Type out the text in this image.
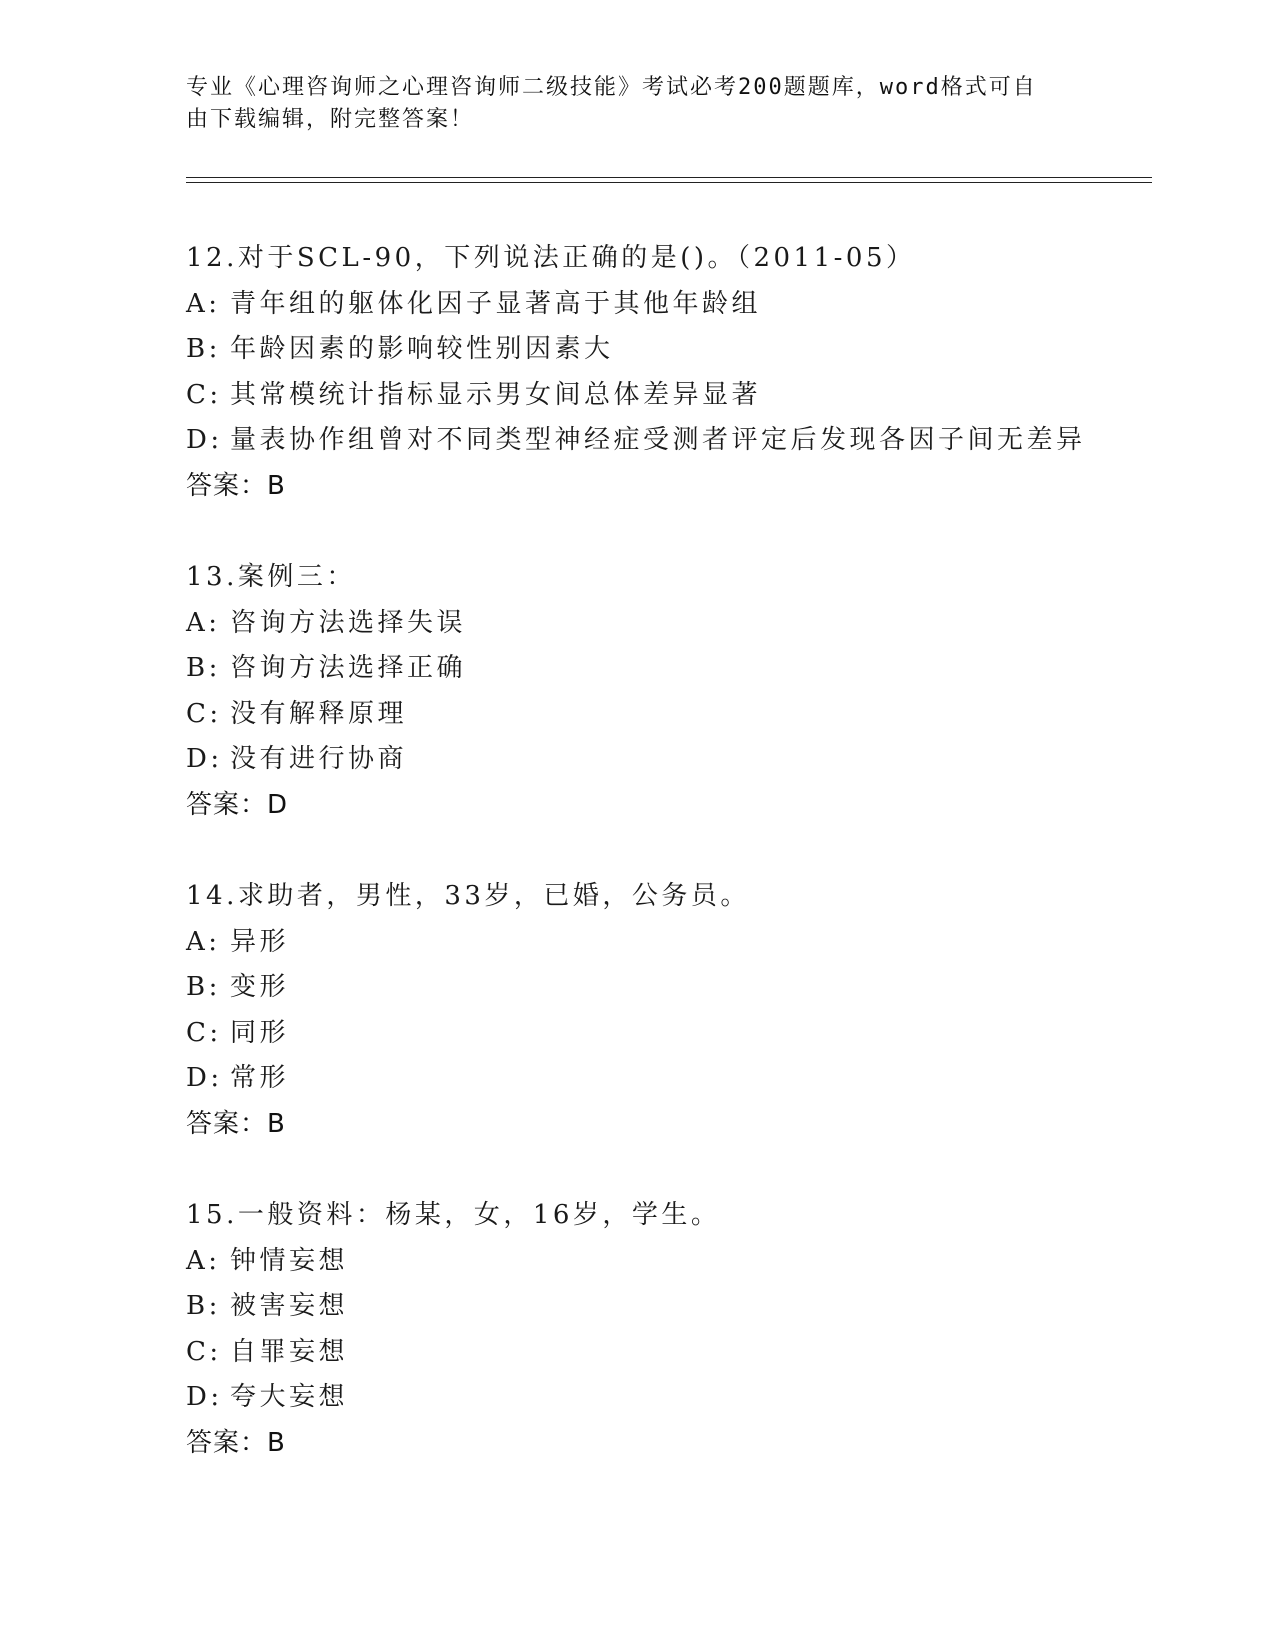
专业《心理咨询师之心理咨询师二级技能》考试必考200题题库，word格式可自
由下载编辑，附完整答案！
12.对于SCL-90，下列说法正确的是()。（2011-05）
A: 青年组的躯体化因子显著高于其他年龄组
B: 年龄因素的影响较性别因素大
C: 其常模统计指标显示男女间总体差异显著
D: 量表协作组曾对不同类型神经症受测者评定后发现各因子间无差异
答案：B
13.案例三：
A: 咨询方法选择失误
B: 咨询方法选择正确
C: 没有解释原理
D: 没有进行协商
答案：D
14.求助者，男性，33岁，已婚，公务员。
A: 异形
B: 变形
C: 同形
D: 常形
答案：B
15.一般资料：杨某，女，16岁，学生。
A: 钟情妄想
B: 被害妄想
C: 自罪妄想
D: 夸大妄想
答案：B
